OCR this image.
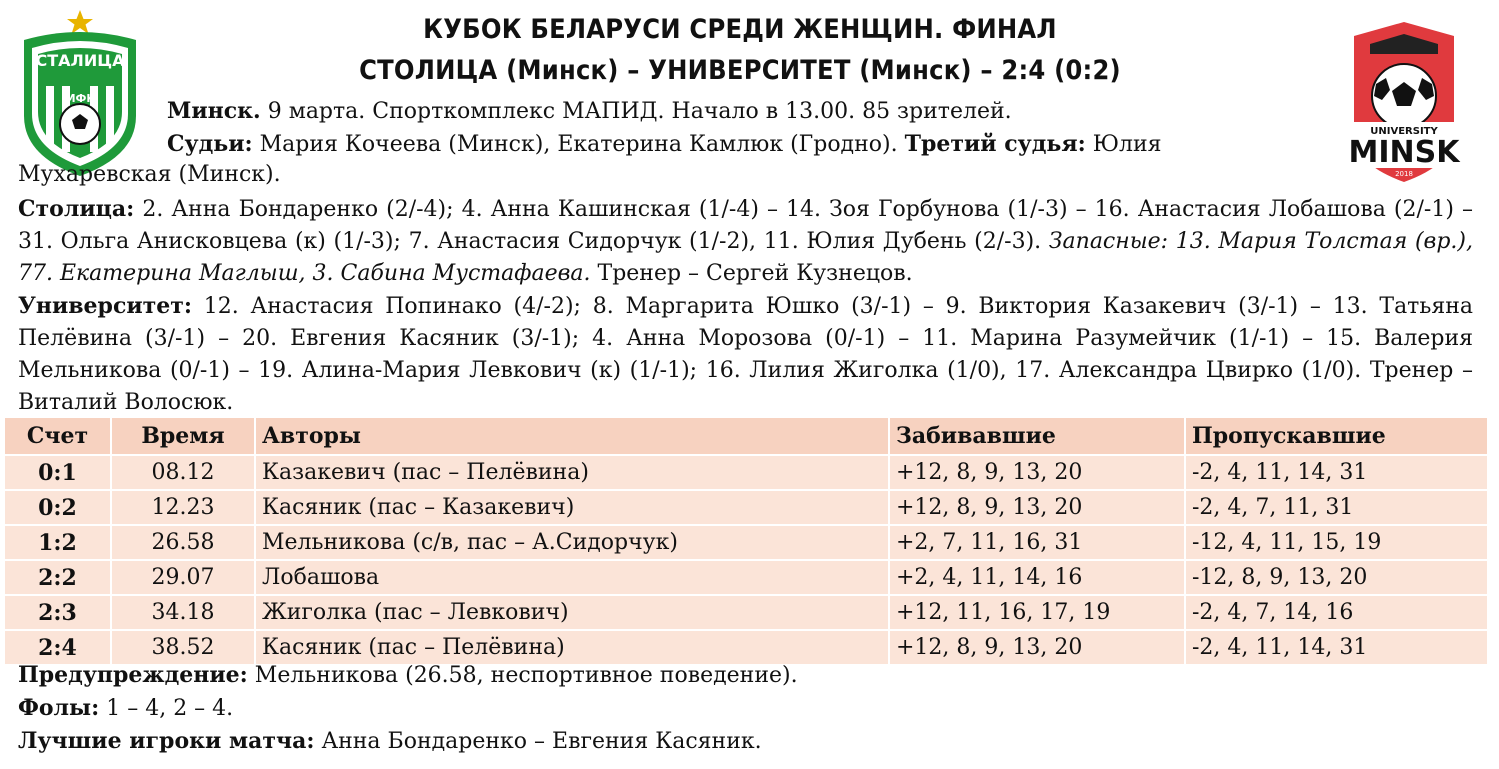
СТАЛИЦА
МФК
UNIVERSITY
MINSK
2018
КУБОК БЕЛАРУСИ СРЕДИ ЖЕНЩИН. ФИНАЛ
СТОЛИЦА (Минск) – УНИВЕРСИТЕТ (Минск) – 2:4 (0:2)

Минск. 9 марта. Спорткомплекс МАПИД. Начало в 13.00. 85 зрителей.
Судьи: Мария Кочеева (Минск), Екатерина Камлюк (Гродно). Третий судья: Юлия

Мухаревская (Минск).

Столица: 2. Анна Бондаренко (2/-4); 4. Анна Кашинская (1/-4) – 14. Зоя Горбунова (1/-3) – 16. Анастасия Лобашова (2/-1) – 31. Ольга Анисковцева (к) (1/-3); 7. Анастасия Сидорчук (1/-2), 11. Юлия Дубень (2/-3). Запасные: 13. Мария Толстая (вр.), 77. Екатерина Маглыш, 3. Сабина Мустафаева. Тренер – Сергей Кузнецов.
Университет: 12. Анастасия Попинако (4/-2); 8. Маргарита Юшко (3/-1) – 9. Виктория Казакевич (3/-1) – 13. Татьяна Пелёвина (3/-1) – 20. Евгения Касяник (3/-1); 4. Анна Морозова (0/-1) – 11. Марина Разумейчик (1/-1) – 15. Валерия Мельникова (0/-1) – 19. Алина-Мария Левкович (к) (1/-1); 16. Лилия Жиголка (1/0), 17. Александра Цвирко (1/0). Тренер – Виталий Волосюк.
Счет	Время	Авторы	Забивавшие	Пропускавшие
0:1	08.12	Казакевич (пас – Пелёвина)	+12, 8, 9, 13, 20	-2, 4, 11, 14, 31
0:2	12.23	Касяник (пас – Казакевич)	+12, 8, 9, 13, 20	-2, 4, 7, 11, 31
1:2	26.58	Мельникова (с/в, пас – А.Сидорчук)	+2, 7, 11, 16, 31	-12, 4, 11, 15, 19
2:2	29.07	Лобашова	+2, 4, 11, 14, 16	-12, 8, 9, 13, 20
2:3	34.18	Жиголка (пас – Левкович)	+12, 11, 16, 17, 19	-2, 4, 7, 14, 16
2:4	38.52	Касяник (пас – Пелёвина)	+12, 8, 9, 13, 20	-2, 4, 11, 14, 31
Предупреждение: Мельникова (26.58, неспортивное поведение).
Фолы: 1 – 4, 2 – 4.
Лучшие игроки матча: Анна Бондаренко – Евгения Касяник.
